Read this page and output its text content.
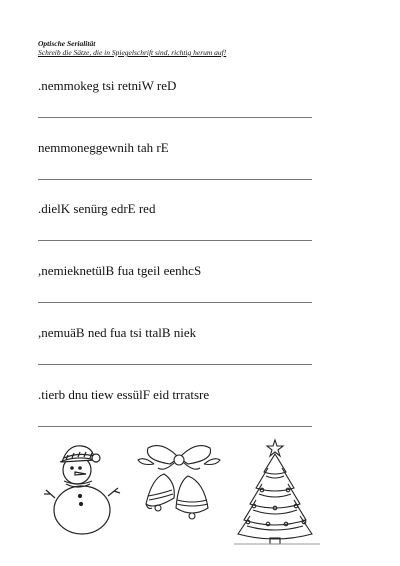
Optische Serialität
Schreib die Sätze, die in Spiegelschrift sind, richtig herum auf!
.nemmokeg tsi retniW reD
nemmoneggewnih tah rE
.dielK senürg edrE red
,nemieknetülB fua tgeil eenhcS
,nemuäB ned fua tsi ttalB niek
.tierb dnu tiew essülF eid trratsre
